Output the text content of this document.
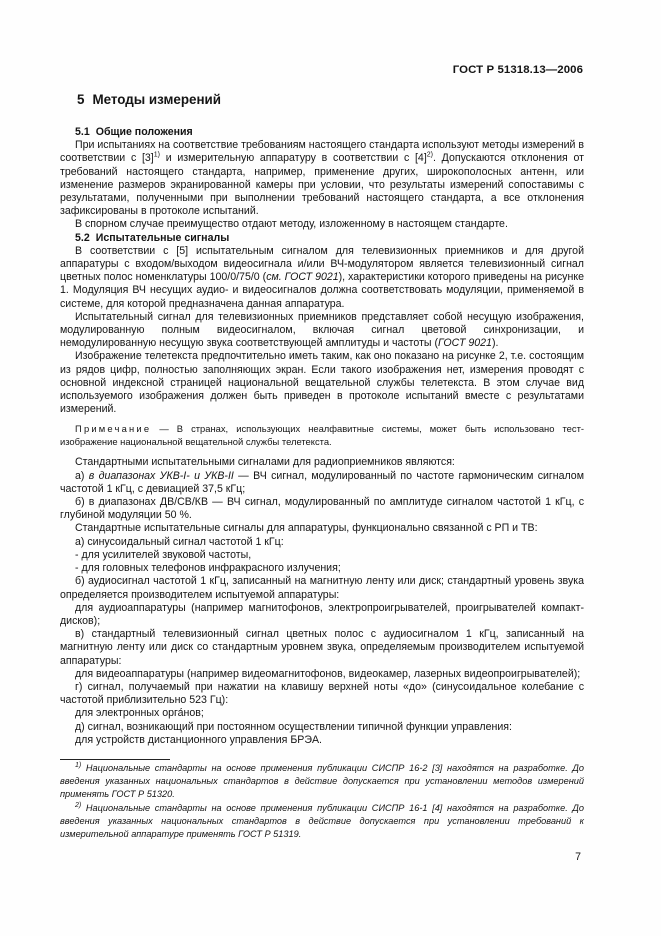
ГОСТ Р 51318.13—2006

5 Методы измерений

5.1 Общие положения

При испытаниях на соответствие требованиям настоящего стандарта используют методы измерений в соответствии с $[3]^{1)}$ и измерительную аппаратуру в соответствии с $[4]^{2)}$. Допускаются отклонения от требований настоящего стандарта, например, применение других, широкополосных антенн, или изменение размеров экранированной камеры при условии, что результаты измерений сопоставимы с результатами, полученными при выполнении требований настоящего стандарта, а все отклонения зафиксированы в протоколе испытаний.

В спорном случае преимущество отдают методу, изложенному в настоящем стандарте.

5.2 Испытательные сигналы

В соответствии с [5] испытательным сигналом для телевизионных приемников и для другой аппаратуры с входом/выходом видеосигнала и/или ВЧ-модулятором является телевизионный сигнал цветных полос номенклатуры 100/0/75/0 (см. ГОСТ 9021), характеристики которого приведены на рисунке 1. Модуляция ВЧ несущих аудио- и видеосигналов должна соответствовать модуляции, применяемой в системе, для которой предназначена данная аппаратура.

Испытательный сигнал для телевизионных приемников представляет собой несущую изображения, модулированную полным видеосигналом, включая сигнал цветовой синхронизации, и немодулированную несущую звука соответствующей амплитуды и частоты (ГОСТ 9021).

Изображение телетекста предпочтительно иметь таким, как оно показано на рисунке 2, т.е. состоящим из рядов цифр, полностью заполняющих экран. Если такого изображения нет, измерения проводят с основной индексной страницей национальной вещательной службы телетекста. В этом случае вид используемого изображения должен быть приведен в протоколе испытаний вместе с результатами измерений.

Примечание — В странах, использующих неалфавитные системы, может быть использовано тест-изображение национальной вещательной службы телетекста.

Стандартными испытательными сигналами для радиоприемников являются:

а) в диапазонах УКВ-I- и УКВ-II — ВЧ сигнал, модулированный по частоте гармоническим сигналом частотой 1 кГц, с девиацией 37,5 кГц;

б) в диапазонах ДВ/СВ/КВ — ВЧ сигнал, модулированный по амплитуде сигналом частотой 1 кГц, с глубиной модуляции 50 %.

Стандартные испытательные сигналы для аппаратуры, функционально связанной с РП и ТВ:

а) синусоидальный сигнал частотой 1 кГц:

- для усилителей звуковой частоты,

- для головных телефонов инфракрасного излучения;

б) аудиосигнал частотой 1 кГц, записанный на магнитную ленту или диск; стандартный уровень звука определяется производителем испытуемой аппаратуры:

для аудиоаппаратуры (например магнитофонов, электропроигрывателей, проигрывателей компакт-дисков);

в) стандартный телевизионный сигнал цветных полос с аудиосигналом 1 кГц, записанный на магнитную ленту или диск со стандартным уровнем звука, определяемым производителем испытуемой аппаратуры:

для видеоаппаратуры (например видеомагнитофонов, видеокамер, лазерных видеопроигрывателей);

г) сигнал, получаемый при нажатии на клавишу верхней ноты «до» (синусоидальное колебание с частотой приблизительно 523 Гц):

для электронных орга́нов;

д) сигнал, возникающий при постоянном осуществлении типичной функции управления:

для устройств дистанционного управления БРЭА.

$^{1)}$ Национальные стандарты на основе применения публикации СИСПР 16-2 [3] находятся на разработке. До введения указанных национальных стандартов в действие допускается при установлении методов измерений применять ГОСТ Р 51320.

$^{2)}$ Национальные стандарты на основе применения публикации СИСПР 16-1 [4] находятся на разработке. До введения указанных национальных стандартов в действие допускается при установлении требований к измерительной аппаратуре применять ГОСТ Р 51319.

7
